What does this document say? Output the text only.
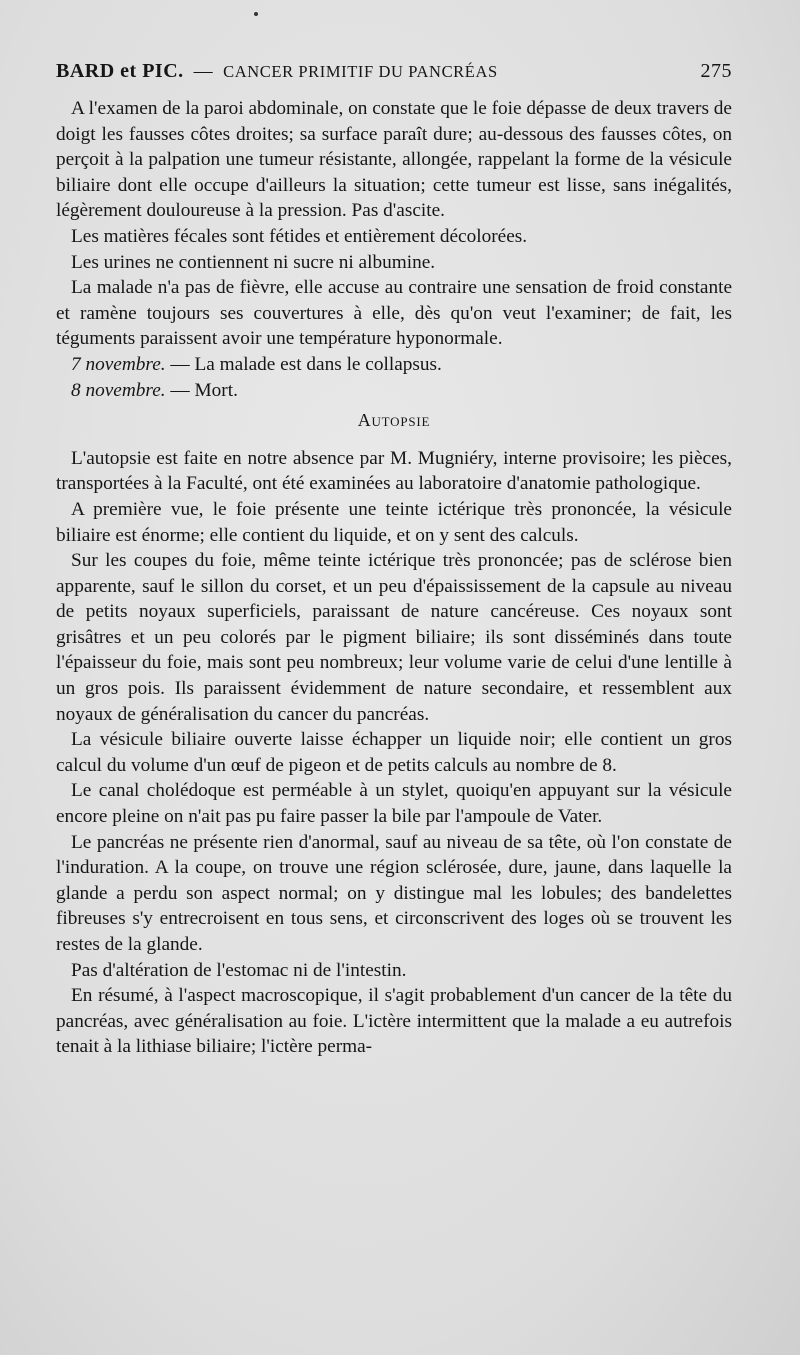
BARD et PIC. — CANCER PRIMITIF DU PANCRÉAS	275

A l'examen de la paroi abdominale, on constate que le foie dépasse de deux travers de doigt les fausses côtes droites; sa surface paraît dure; au-dessous des fausses côtes, on perçoit à la palpation une tumeur résistante, allongée, rappelant la forme de la vésicule biliaire dont elle occupe d'ailleurs la situation; cette tumeur est lisse, sans inégalités, légèrement douloureuse à la pression. Pas d'ascite.

Les matières fécales sont fétides et entièrement décolorées.

Les urines ne contiennent ni sucre ni albumine.

La malade n'a pas de fièvre, elle accuse au contraire une sensation de froid constante et ramène toujours ses couvertures à elle, dès qu'on veut l'examiner; de fait, les téguments paraissent avoir une température hyponormale.

7 novembre. — La malade est dans le collapsus.

8 novembre. — Mort.

Autopsie

L'autopsie est faite en notre absence par M. Mugniéry, interne provisoire; les pièces, transportées à la Faculté, ont été examinées au laboratoire d'anatomie pathologique.

A première vue, le foie présente une teinte ictérique très prononcée, la vésicule biliaire est énorme; elle contient du liquide, et on y sent des calculs.

Sur les coupes du foie, même teinte ictérique très prononcée; pas de sclérose bien apparente, sauf le sillon du corset, et un peu d'épaississement de la capsule au niveau de petits noyaux superficiels, paraissant de nature cancéreuse. Ces noyaux sont grisâtres et un peu colorés par le pigment biliaire; ils sont disséminés dans toute l'épaisseur du foie, mais sont peu nombreux; leur volume varie de celui d'une lentille à un gros pois. Ils paraissent évidemment de nature secondaire, et ressemblent aux noyaux de généralisation du cancer du pancréas.

La vésicule biliaire ouverte laisse échapper un liquide noir; elle contient un gros calcul du volume d'un œuf de pigeon et de petits calculs au nombre de 8.

Le canal cholédoque est perméable à un stylet, quoiqu'en appuyant sur la vésicule encore pleine on n'ait pas pu faire passer la bile par l'ampoule de Vater.

Le pancréas ne présente rien d'anormal, sauf au niveau de sa tête, où l'on constate de l'induration. A la coupe, on trouve une région sclérosée, dure, jaune, dans laquelle la glande a perdu son aspect normal; on y distingue mal les lobules; des bandelettes fibreuses s'y entrecroisent en tous sens, et circonscrivent des loges où se trouvent les restes de la glande.

Pas d'altération de l'estomac ni de l'intestin.

En résumé, à l'aspect macroscopique, il s'agit probablement d'un cancer de la tête du pancréas, avec généralisation au foie. L'ictère intermittent que la malade a eu autrefois tenait à la lithiase biliaire; l'ictère perma-
